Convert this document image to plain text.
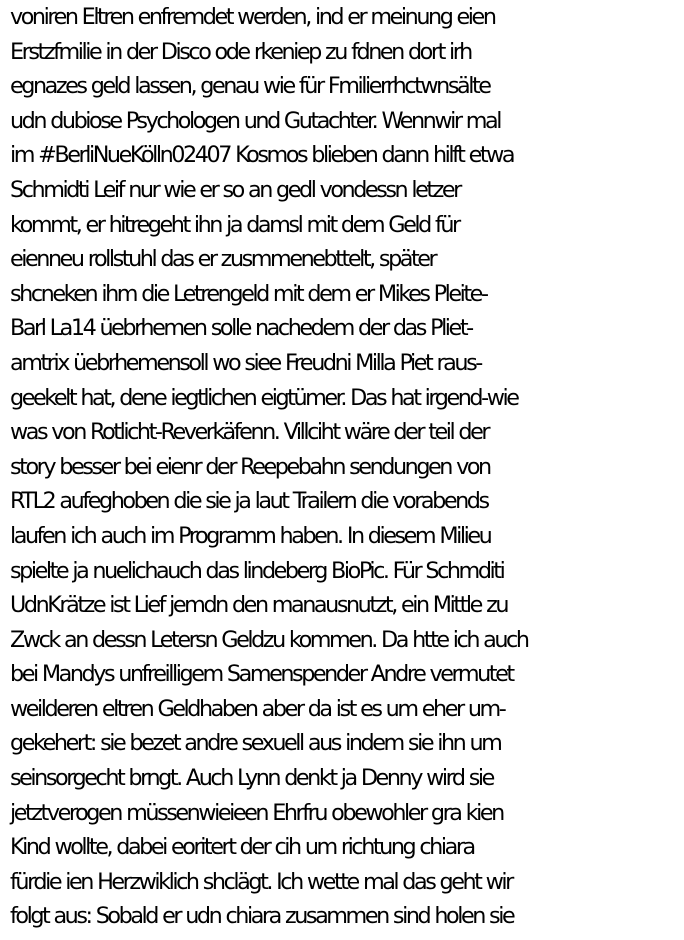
voniren Eltren enfremdet werden, ind er meinung eien
Erstzfmilie in der Disco ode rkeniep zu fdnen dort irh
egnazes geld lassen, genau wie für Fmilierrhctwnsälte
udn dubiose Psychologen und Gutachter. Wennwir mal
im #BerliNueKölln02407 Kosmos blieben dann hilft etwa
Schmidti Leif nur wie er so an gedl vondessn letzer
kommt, er hitregeht ihn ja damsl mit dem Geld für
eienneu rollstuhl das er zusmmenebttelt, später
shcneken ihm die Letrengeld mit dem er Mikes Pleite-
Barl La14 üebrhemen solle nachedem der das Pliet-
amtrix üebrhemensoll wo siee Freudni Milla Piet raus-
geekelt hat, dene iegtlichen eigtümer. Das hat irgend-wie
was von Rotlicht-Reverkäfenn. Villciht wäre der teil der
story besser bei eienr der Reepebahn sendungen von
RTL2 aufeghoben die sie ja laut Trailern die vorabends
laufen ich auch im Programm haben. In diesem Milieu
spielte ja nuelichauch das lindeberg BioPic. Für Schmditi
UdnKrätze ist Lief jemdn den manausnutzt, ein Mittle zu
Zwck an dessn Letersn Geldzu kommen. Da htte ich auch
bei Mandys unfreilligem Samenspender Andre vermutet
weilderen eltren Geldhaben aber da ist es um eher um-
gekehert: sie bezet andre sexuell aus indem sie ihn um
seinsorgecht brngt. Auch Lynn denkt ja Denny wird sie
jetztverogen müssenwieieen Ehrfru obewohler gra kien
Kind wollte, dabei eoritert der cih um richtung chiara
fürdie ien Herzwiklich shclägt. Ich wette mal das geht wir
folgt aus: Sobald er udn chiara zusammen sind holen sie
